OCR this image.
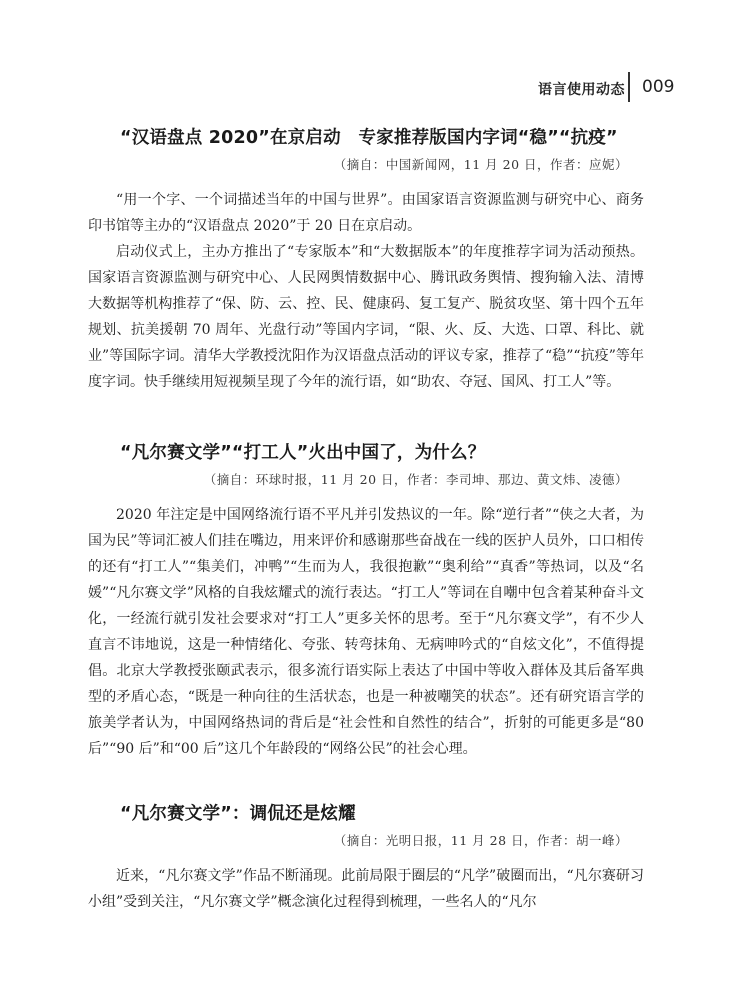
语言使用动态 009
“汉语盘点 2020”在京启动　专家推荐版国内字词“稳”“抗疫”
（摘自：中国新闻网，11 月 20 日，作者：应妮）

“用一个字、一个词描述当年的中国与世界”。由国家语言资源监测与研究中心、商务印书馆等主办的“汉语盘点 2020”于 20 日在京启动。

启动仪式上，主办方推出了“专家版本”和“大数据版本”的年度推荐字词为活动预热。国家语言资源监测与研究中心、人民网舆情数据中心、腾讯政务舆情、搜狗输入法、清博大数据等机构推荐了“保、防、云、控、民、健康码、复工复产、脱贫攻坚、第十四个五年规划、抗美援朝 70 周年、光盘行动”等国内字词，“限、火、反、大选、口罩、科比、就业”等国际字词。清华大学教授沈阳作为汉语盘点活动的评议专家，推荐了“稳”“抗疫”等年度字词。快手继续用短视频呈现了今年的流行语，如“助农、夺冠、国风、打工人”等。

“凡尔赛文学”“打工人”火出中国了，为什么？
（摘自：环球时报，11 月 20 日，作者：李司坤、那边、黄文炜、凌德）

2020 年注定是中国网络流行语不平凡并引发热议的一年。除“逆行者”“侠之大者，为国为民”等词汇被人们挂在嘴边，用来评价和感谢那些奋战在一线的医护人员外，口口相传的还有“打工人”“集美们，冲鸭”“生而为人，我很抱歉”“奥利给”“真香”等热词，以及“名媛”“凡尔赛文学”风格的自我炫耀式的流行表达。“打工人”等词在自嘲中包含着某种奋斗文化，一经流行就引发社会要求对“打工人”更多关怀的思考。至于“凡尔赛文学”，有不少人直言不讳地说，这是一种情绪化、夸张、转弯抹角、无病呻吟式的“自炫文化”，不值得提倡。北京大学教授张颐武表示，很多流行语实际上表达了中国中等收入群体及其后备军典型的矛盾心态，“既是一种向往的生活状态，也是一种被嘲笑的状态”。还有研究语言学的旅美学者认为，中国网络热词的背后是“社会性和自然性的结合”，折射的可能更多是“80 后”“90 后”和“00 后”这几个年龄段的“网络公民”的社会心理。

“凡尔赛文学”：调侃还是炫耀
（摘自：光明日报，11 月 28 日，作者：胡一峰）

近来，“凡尔赛文学”作品不断涌现。此前局限于圈层的“凡学”破圈而出，“凡尔赛研习小组”受到关注，“凡尔赛文学”概念演化过程得到梳理，一些名人的“凡尔
